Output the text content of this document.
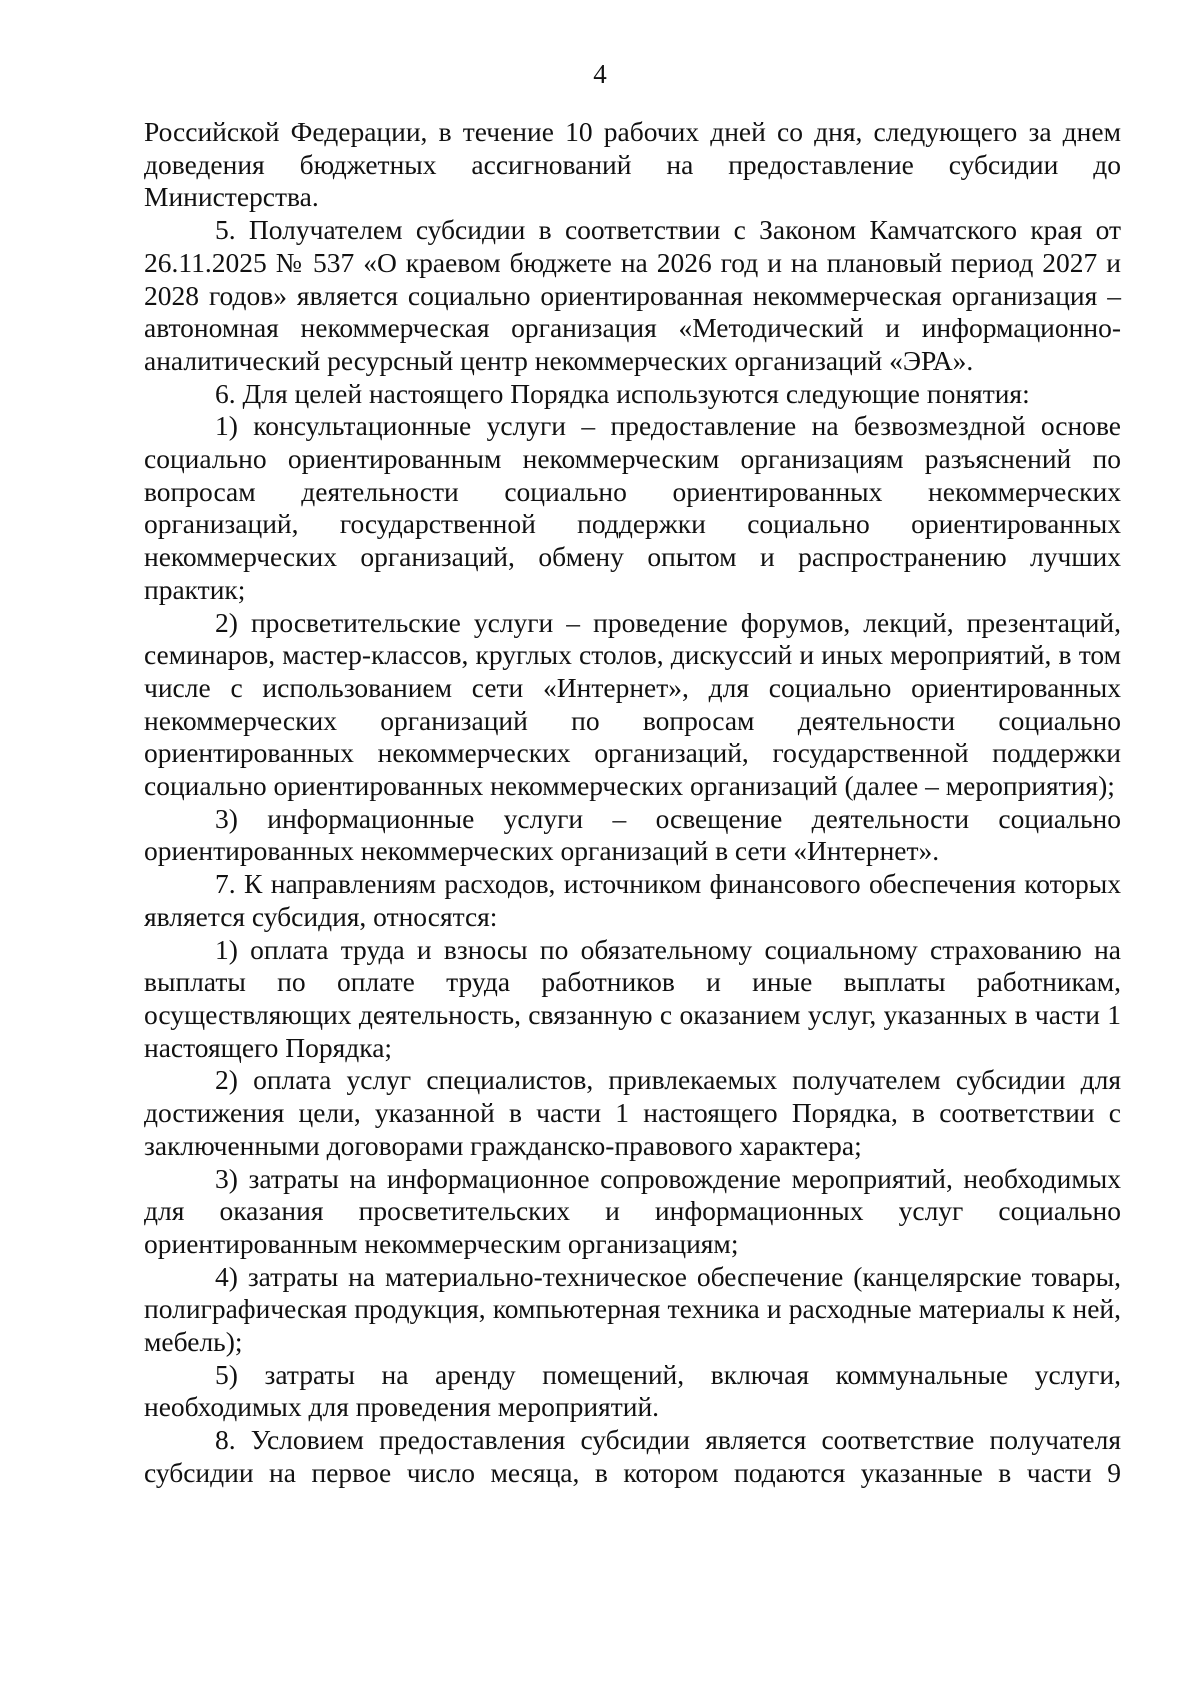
4

Российской Федерации, в течение 10 рабочих дней со дня, следующего за днем доведения бюджетных ассигнований на предоставление субсидии до Министерства.

5. Получателем субсидии в соответствии с Законом Камчатского края от 26.11.2025 № 537 «О краевом бюджете на 2026 год и на плановый период 2027 и 2028 годов» является социально ориентированная некоммерческая организация – автономная некоммерческая организация «Методический и информационно-аналитический ресурсный центр некоммерческих организаций «ЭРА».

6. Для целей настоящего Порядка используются следующие понятия:

1) консультационные услуги – предоставление на безвозмездной основе социально ориентированным некоммерческим организациям разъяснений по вопросам деятельности социально ориентированных некоммерческих организаций, государственной поддержки социально ориентированных некоммерческих организаций, обмену опытом и распространению лучших практик;

2) просветительские услуги – проведение форумов, лекций, презентаций, семинаров, мастер-классов, круглых столов, дискуссий и иных мероприятий, в том числе с использованием сети «Интернет», для социально ориентированных некоммерческих организаций по вопросам деятельности социально ориентированных некоммерческих организаций, государственной поддержки социально ориентированных некоммерческих организаций (далее – мероприятия);

3) информационные услуги – освещение деятельности социально ориентированных некоммерческих организаций в сети «Интернет».

7. К направлениям расходов, источником финансового обеспечения которых является субсидия, относятся:

1) оплата труда и взносы по обязательному социальному страхованию на выплаты по оплате труда работников и иные выплаты работникам, осуществляющих деятельность, связанную с оказанием услуг, указанных в части 1 настоящего Порядка;

2) оплата услуг специалистов, привлекаемых получателем субсидии для достижения цели, указанной в части 1 настоящего Порядка, в соответствии с заключенными договорами гражданско-правового характера;

3) затраты на информационное сопровождение мероприятий, необходимых для оказания просветительских и информационных услуг социально ориентированным некоммерческим организациям;

4) затраты на материально-техническое обеспечение (канцелярские товары, полиграфическая продукция, компьютерная техника и расходные материалы к ней, мебель);

5) затраты на аренду помещений, включая коммунальные услуги, необходимых для проведения мероприятий.

8. Условием предоставления субсидии является соответствие получателя субсидии на первое число месяца, в котором подаются указанные в части 9
